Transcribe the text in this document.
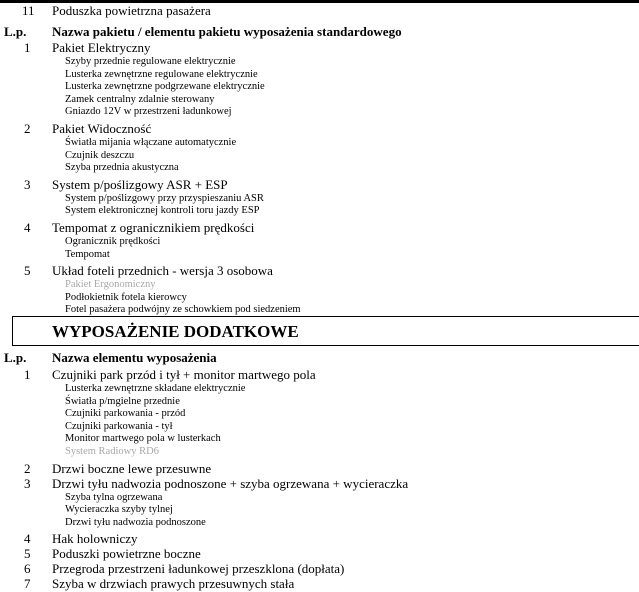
11	Poduszka powietrzna pasażera
L.p.	Nazwa pakietu / elementu pakietu wyposażenia standardowego
1	Pakiet Elektryczny
Szyby przednie regulowane elektrycznie
Lusterka zewnętrzne regulowane elektrycznie
Lusterka zewnętrzne podgrzewane elektrycznie
Zamek centralny zdalnie sterowany
Gniazdo 12V w przestrzeni ładunkowej
2	Pakiet Widoczność
Światła mijania włączane automatycznie
Czujnik deszczu
Szyba przednia akustyczna
3	System p/poślizgowy ASR + ESP
System p/poślizgowy przy przyspieszaniu ASR
System elektronicznej kontroli toru jazdy ESP
4	Tempomat z ogranicznikiem prędkości
Ogranicznik prędkości
Tempomat
5	Układ foteli przednich - wersja 3 osobowa
Pakiet Ergonomiczny
Podłokietnik fotela kierowcy
Fotel pasażera podwójny ze schowkiem pod siedzeniem
L.p.	Nazwa elementu wyposażenia
1	Czujniki park przód i tył + monitor martwego pola
Lusterka zewnętrzne składane elektrycznie
Światła p/mgielne przednie
Czujniki parkowania - przód
Czujniki parkowania - tył
Monitor martwego pola w lusterkach
System Radiowy RD6
2	Drzwi boczne lewe przesuwne
3	Drzwi tyłu nadwozia podnoszone + szyba ogrzewana + wycieraczka
Szyba tylna ogrzewana
Wycieraczka szyby tylnej
Drzwi tyłu nadwozia podnoszone
4	Hak holowniczy
5	Poduszki powietrzne boczne
6	Przegroda przestrzeni ładunkowej przeszklona (dopłata)
7	Szyba w drzwiach prawych przesuwnych stała
WYPOSAŻENIE DODATKOWE
